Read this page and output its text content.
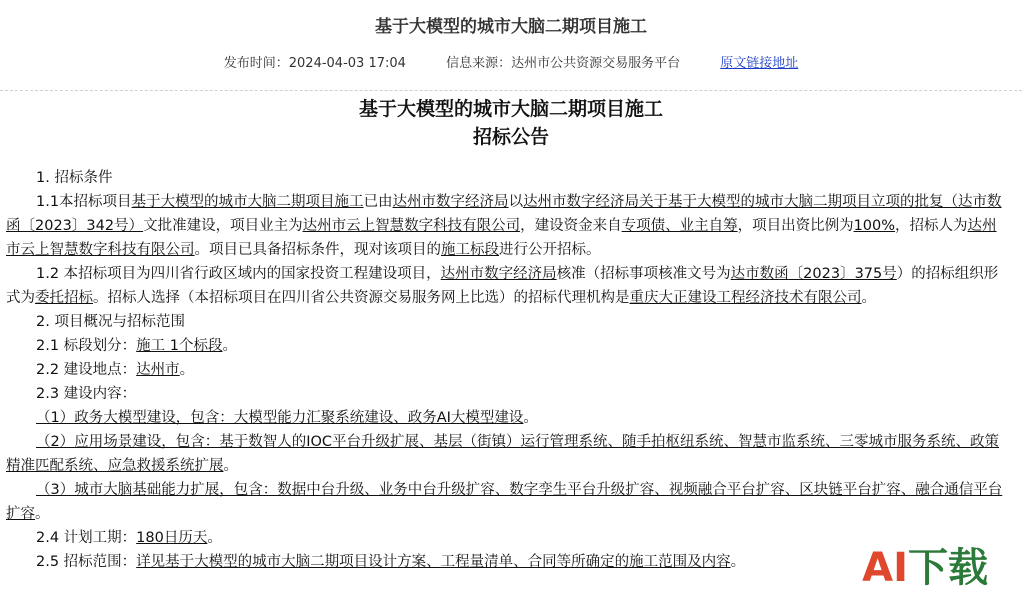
基于大模型的城市大脑二期项目施工
发布时间：2024-04-03 17:04	信息来源：达州市公共资源交易服务平台	原文链接地址
基于大模型的城市大脑二期项目施工
招标公告

1. 招标条件

1.1本招标项目基于大模型的城市大脑二期项目施工已由达州市数字经济局以达州市数字经济局关于基于大模型的城市大脑二期项目立项的批复（达市数函〔2023〕342号）文批准建设，项目业主为达州市云上智慧数字科技有限公司，建设资金来自专项债、业主自筹，项目出资比例为100%，招标人为达州市云上智慧数字科技有限公司。项目已具备招标条件，现对该项目的施工标段进行公开招标。

1.2 本招标项目为四川省行政区域内的国家投资工程建设项目，达州市数字经济局核准（招标事项核准文号为达市数函〔2023〕375号）的招标组织形式为委托招标。招标人选择（本招标项目在四川省公共资源交易服务网上比选）的招标代理机构是重庆大正建设工程经济技术有限公司。

2. 项目概况与招标范围

2.1 标段划分：施工 1个标段。

2.2 建设地点：达州市。

2.3 建设内容：

（1）政务大模型建设，包含：大模型能力汇聚系统建设、政务AI大模型建设。

（2）应用场景建设，包含：基于数智人的IOC平台升级扩展、基层（街镇）运行管理系统、随手拍枢纽系统、智慧市监系统、三零城市服务系统、政策精准匹配系统、应急救援系统扩展。

（3）城市大脑基础能力扩展，包含：数据中台升级、业务中台升级扩容、数字孪生平台升级扩容、视频融合平台扩容、区块链平台扩容、融合通信平台扩容。

2.4 计划工期：180日历天。

2.5 招标范围：详见基于大模型的城市大脑二期项目设计方案、工程量清单、合同等所确定的施工范围及内容。	AI下载
